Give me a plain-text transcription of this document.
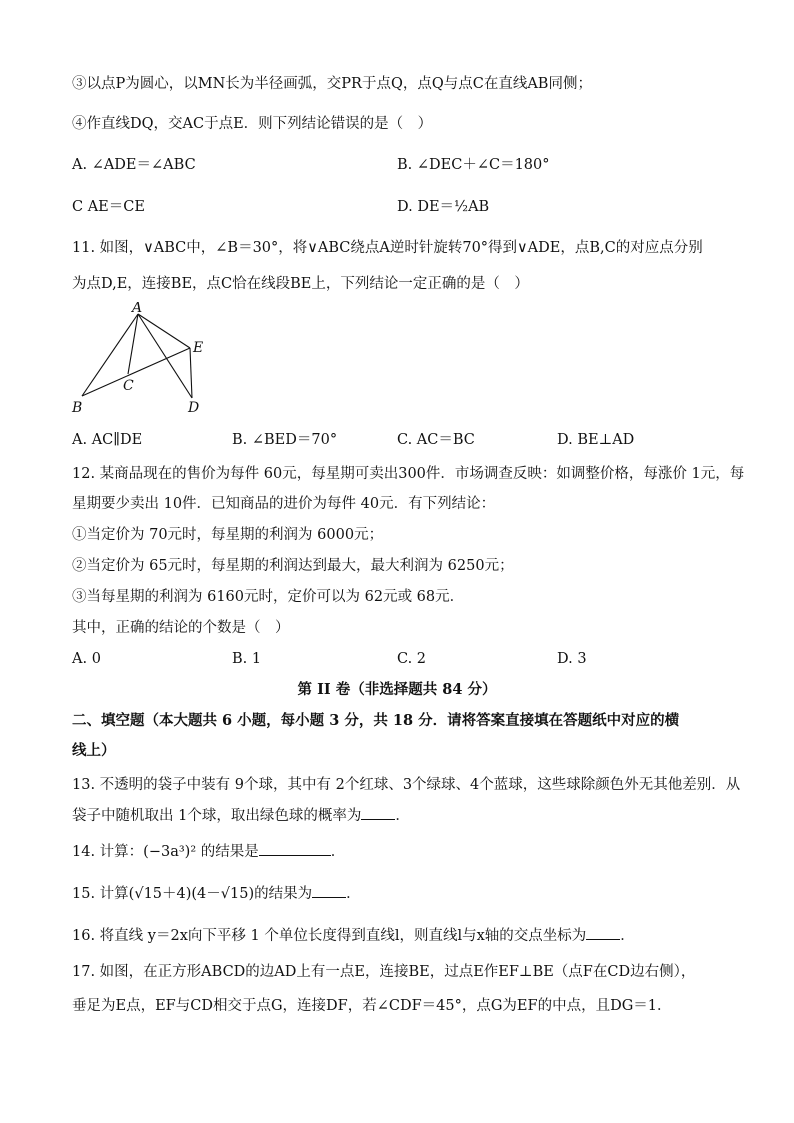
③以点P为圆心，以MN长为半径画弧，交PR于点Q，点Q与点C在直线AB同侧；
④作直线DQ，交AC于点E．则下列结论错误的是（　）
A. ∠ADE＝∠ABC	B. ∠DEC＋∠C＝180°
C AE＝CE	D. DE＝½AB
11. 如图，∨ABC中，∠B＝30°，将∨ABC绕点A逆时针旋转70°得到∨ADE，点B,C的对应点分别
为点D,E，连接BE，点C恰在线段BE上，下列结论一定正确的是（　）
A
B
C
D
E
A. AC∥DE	B. ∠BED＝70°	C. AC＝BC	D. BE⊥AD
12. 某商品现在的售价为每件 60元，每星期可卖出300件．市场调查反映：如调整价格，每涨价 1元，每
星期要少卖出 10件．已知商品的进价为每件 40元．有下列结论：
①当定价为 70元时，每星期的利润为 6000元；
②当定价为 65元时，每星期的利润达到最大，最大利润为 6250元；
③当每星期的利润为 6160元时，定价可以为 62元或 68元．
其中，正确的结论的个数是（　）
A. 0	B. 1	C. 2	D. 3
第 II 卷（非选择题共 84 分）
二、填空题（本大题共 6 小题，每小题 3 分，共 18 分．请将答案直接填在答题纸中对应的横
线上）
13. 不透明的袋子中装有 9个球，其中有 2个红球、3个绿球、4个蓝球，这些球除颜色外无其他差别．从
袋子中随机取出 1个球，取出绿色球的概率为 ．
14. 计算：(−3a³)² 的结果是	．
15. 计算(√15＋4)(4－√15)的结果为 ．
16. 将直线 y＝2x向下平移 1 个单位长度得到直线l，则直线l与x轴的交点坐标为 ．
17. 如图，在正方形ABCD的边AD上有一点E，连接BE，过点E作EF⊥BE（点F在CD边右侧），
垂足为E点，EF与CD相交于点G，连接DF，若∠CDF＝45°，点G为EF的中点，且DG＝1．
